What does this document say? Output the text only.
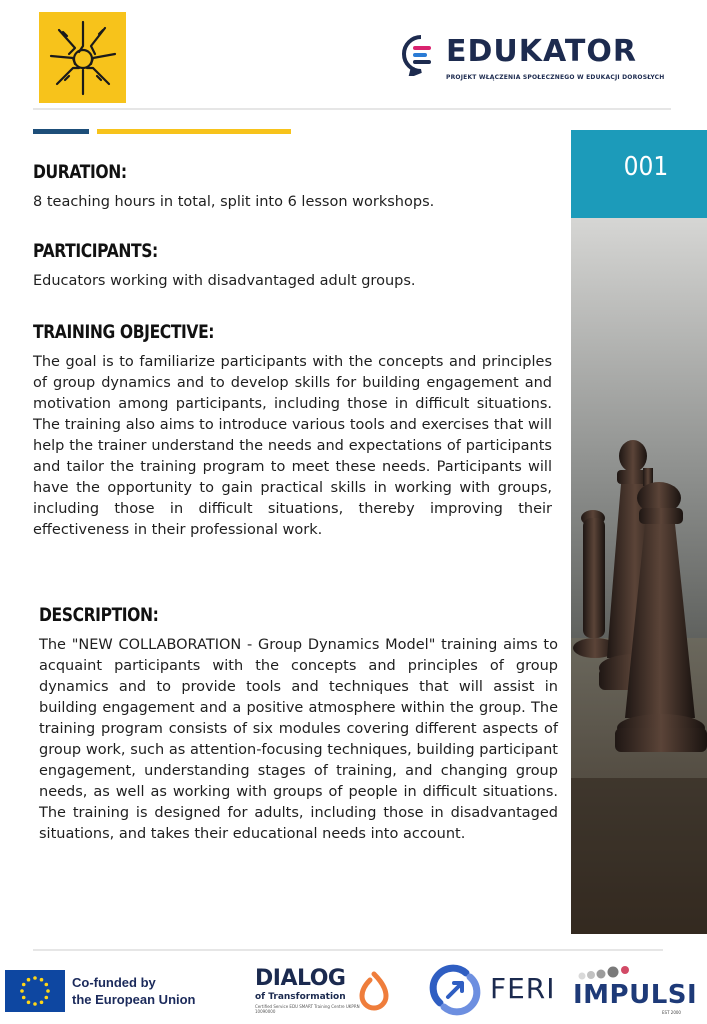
EDUKATOR
PROJEKT WŁĄCZENIA SPOŁECZNEGO W EDUKACJI DOROSŁYCH
001
DURATION:
8 teaching hours in total, split into 6 lesson workshops.
PARTICIPANTS:
Educators working with disadvantaged adult groups.
TRAINING OBJECTIVE:
The goal is to familiarize participants with the concepts and principles of group dynamics and to develop skills for building engagement and motivation among participants, including those in difficult situations. The training also aims to introduce various tools and exercises that will help the trainer understand the needs and expectations of participants and tailor the training program to meet these needs. Participants will have the opportunity to gain practical skills in working with groups, including those in difficult situations, thereby improving their effectiveness in their professional work.
DESCRIPTION:
The "NEW COLLABORATION - Group Dynamics Model" training aims to acquaint participants with the concepts and principles of group dynamics and to provide tools and techniques that will assist in building engagement and a positive atmosphere within the group. The training program consists of six modules covering different aspects of group work, such as attention-focusing techniques, building participant engagement, understanding stages of training, and changing group needs, as well as working with groups of people in difficult situations. The training is designed for adults, including those in disadvantaged situations, and takes their educational needs into account.
Co-funded by
the European Union
DIALOG
of Transformation
Certified Service EDU SMART Training Centre UKPRN 10090000
FERI IMPULSI
EST 2000
